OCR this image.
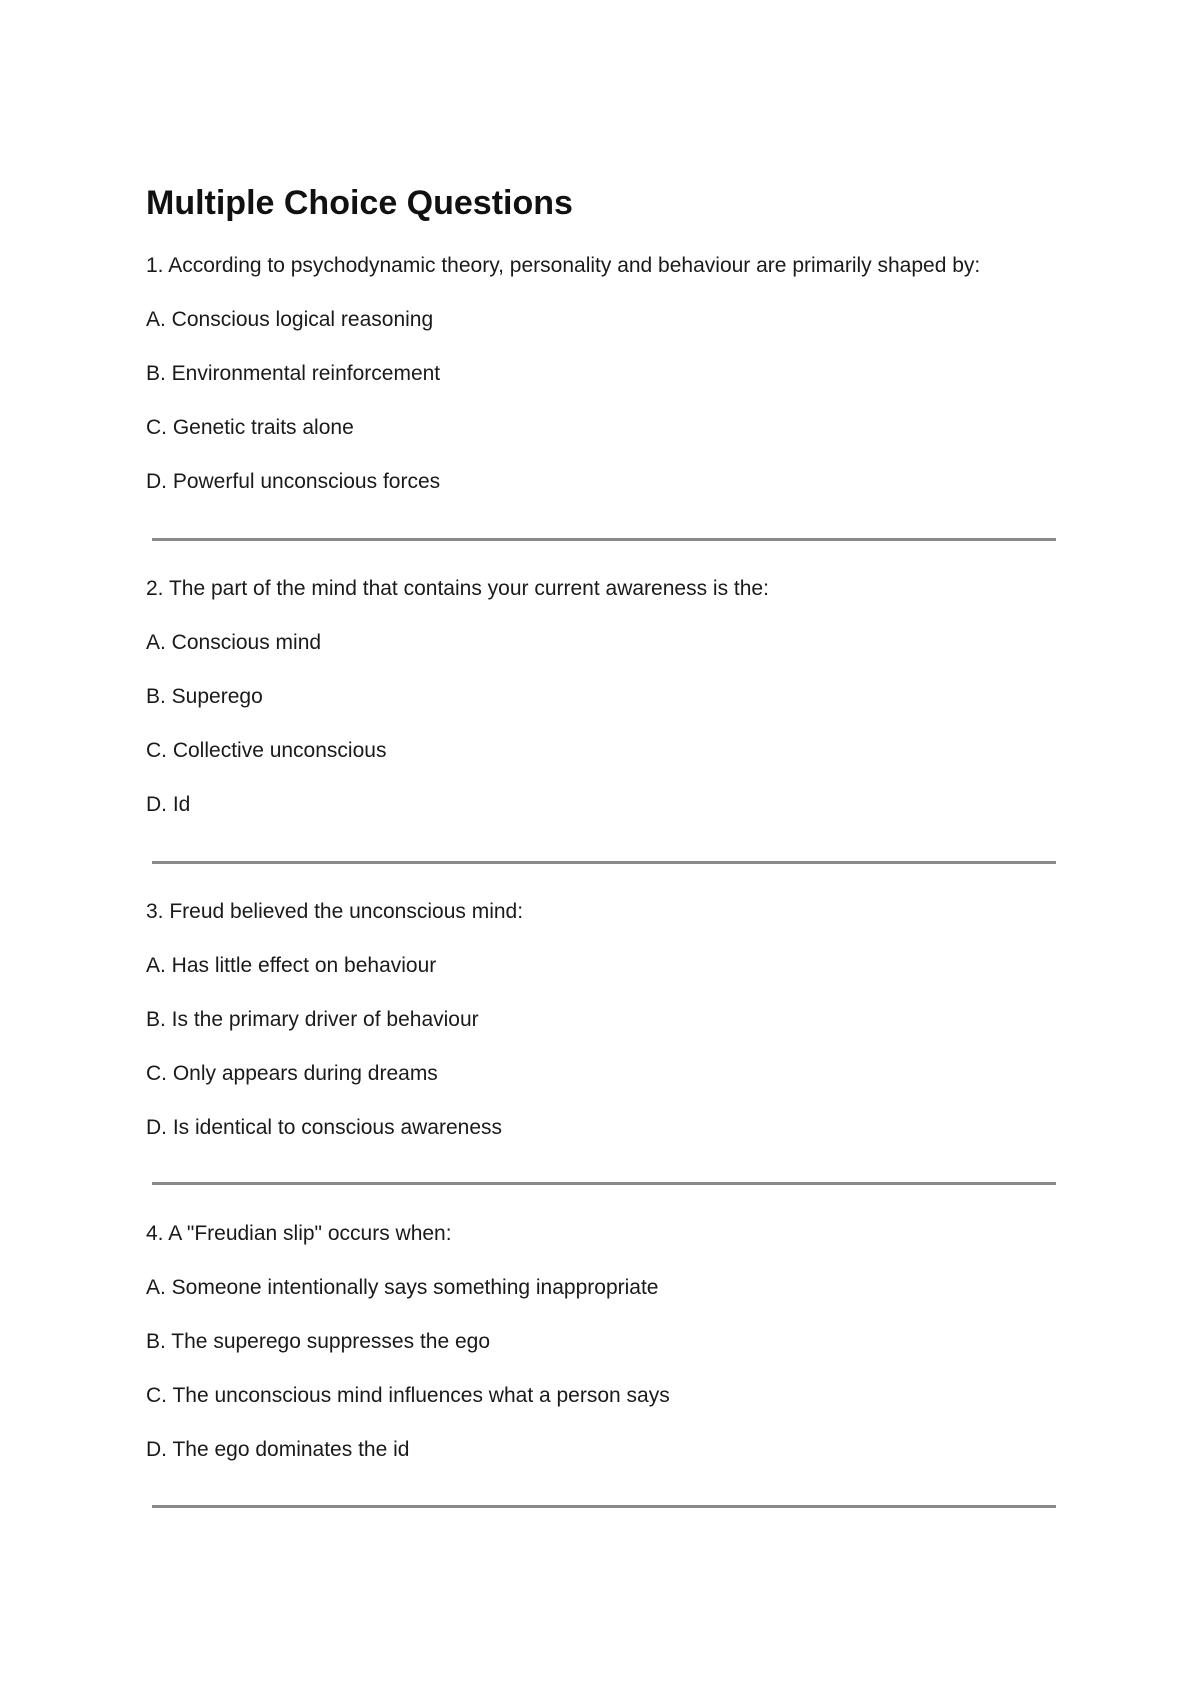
Multiple Choice Questions

1. According to psychodynamic theory, personality and behaviour are primarily shaped by:

A. Conscious logical reasoning

B. Environmental reinforcement

C. Genetic traits alone

D. Powerful unconscious forces

2. The part of the mind that contains your current awareness is the:

A. Conscious mind

B. Superego

C. Collective unconscious

D. Id

3. Freud believed the unconscious mind:

A. Has little effect on behaviour

B. Is the primary driver of behaviour

C. Only appears during dreams

D. Is identical to conscious awareness

4. A "Freudian slip" occurs when:

A. Someone intentionally says something inappropriate

B. The superego suppresses the ego

C. The unconscious mind influences what a person says

D. The ego dominates the id
